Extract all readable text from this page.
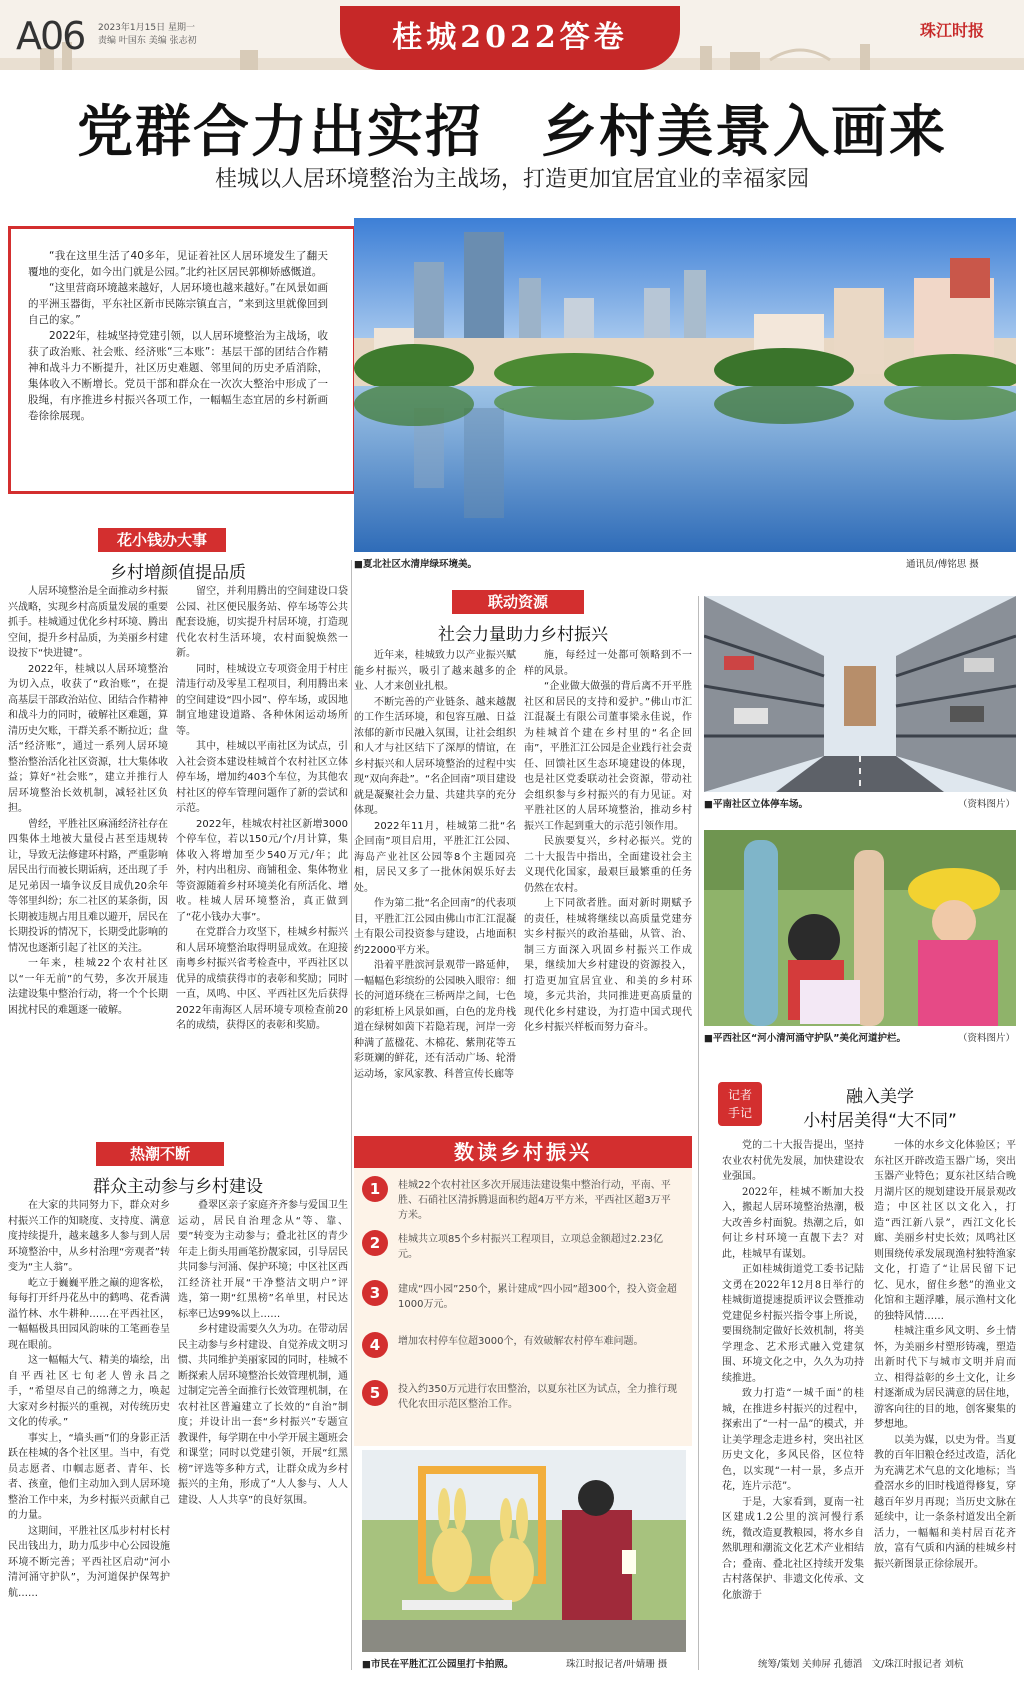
A06 2023年1月15日 星期一
责编 叶国东 美编 张志初	桂城2022答卷	珠江时报
党群合力出实招　乡村美景入画来
桂城以人居环境整治为主战场，打造更加宜居宜业的幸福家园

“我在这里生活了40多年，见证着社区人居环境发生了翻天覆地的变化，如今出门就是公园。”北约社区居民郭柳娇感慨道。

“这里营商环境越来越好，人居环境也越来越好。”在风景如画的平洲玉器街，平东社区新市民陈宗镇直言，“来到这里就像回到自己的家。”

2022年，桂城坚持党建引领，以人居环境整治为主战场，收获了政治账、社会账、经济账“三本账”：基层干部的团结合作精神和战斗力不断提升，社区历史难题、邻里间的历史矛盾消除，集体收入不断增长。党员干部和群众在一次次大整治中形成了一股绳，有序推进乡村振兴各项工作，一幅幅生态宜居的乡村新画卷徐徐展现。

■夏北社区水清岸绿环境美。	通讯员/傅铭思 摄
花小钱办大事
乡村增颜值提品质

人居环境整治是全面推动乡村振兴战略，实现乡村高质量发展的重要抓手。桂城通过优化乡村环境、腾出空间，提升乡村品质，为美丽乡村建设按下“快进键”。

2022年，桂城以人居环境整治为切入点，收获了“政治账”，在提高基层干部政治站位、团结合作精神和战斗力的同时，破解社区难题，算清历史欠账，干群关系不断拉近；盘活“经济账”，通过一系列人居环境整治整治活化社区资源，壮大集体收益；算好“社会账”，建立并推行人居环境整治长效机制，减轻社区负担。

曾经，平胜社区麻涌经济社存在四集体土地被大量侵占甚至违规转让，导致无法修建环村路，严重影响居民出行而被长期诟病，还出现了手足兄弟因一墙争议反目成仇20余年等邻里纠纷；东二社区的某条街，因长期被违规占用且难以避开，居民在长期投诉的情况下，长期受此影响的情况也逐渐引起了社区的关注。

一年来，桂城22个农村社区以“一年无前”的气势，多次开展违法建设集中整治行动，将一个个长期困扰村民的难题逐一破解。

留空，并利用腾出的空间建设口袋公园、社区便民服务站、停车场等公共配套设施，切实提升村居环境，打造现代化农村生活环境，农村面貌焕然一新。

同时，桂城设立专项资金用于村庄清违行动及零星工程项目，利用腾出来的空间建设“四小园”、停车场，或因地制宜地建设道路、各种休闲运动场所等。

其中，桂城以平南社区为试点，引入社会资本建设桂城首个农村社区立体停车场，增加约403个车位，为其他农村社区的停车管理问题作了新的尝试和示范。

2022年，桂城农村社区新增3000个停车位，若以150元/个/月计算，集体收入将增加至少540万元/年；此外，村内出租房、商铺租金、集体物业等资源随着乡村环境美化有所活化、增收。桂城人居环境整治，真正做到了“花小钱办大事”。

在党群合力攻坚下，桂城乡村振兴和人居环境整治取得明显成效。在迎接南粤乡村振兴省考检查中，平西社区以优异的成绩获得市的表彰和奖励；同时一直，凤鸣、中区、平西社区先后获得2022年南海区人居环境专项检查前20名的成绩，获得区的表彰和奖励。

联动资源
社会力量助力乡村振兴

近年来，桂城致力以产业振兴赋能乡村振兴，吸引了越来越多的企业、人才来创业扎根。

不断完善的产业链条、越来越靓的工作生活环境，和包容互融、日益浓郁的新市民融入氛围，让社会组织和人才与社区结下了深厚的情谊，在乡村振兴和人居环境整治的过程中实现“双向奔赴”。“名企回南”项目建设就是凝聚社会力量、共建共享的充分体现。

2022年11月，桂城第二批“名企回南”项目启用，平胜汇江公园、海岛产业社区公园等8个主题园亮相，居民又多了一批休闲娱乐好去处。

作为第二批“名企回南”的代表项目，平胜汇江公园由佛山市汇江混凝土有限公司投资参与建设，占地面积约22000平方米。

沿着平胜滨河景观带一路延伸，一幅幅色彩缤纷的公园映入眼帘：细长的河道环绕在三桥两岸之间，七色的彩虹桥上风景如画，白色的龙舟栈道在绿树如茵下若隐若现，河岸一旁种满了蓝楹花、木棉花、紫荆花等五彩斑斓的鲜花，还有活动广场、轮滑运动场，家风家教、科普宣传长廊等

施，每经过一处都可领略到不一样的风景。

“企业做大做强的背后离不开平胜社区和居民的支持和爱护。”佛山市汇江混凝土有限公司董事梁永佳说，作为桂城首个建在乡村里的“名企回南”，平胜汇江公园是企业践行社会责任、回馈社区生态环境建设的体现，也是社区党委联动社会资源，带动社会组织参与乡村振兴的有力见证。对平胜社区的人居环境整治，推动乡村振兴工作起到重大的示范引领作用。

民族要复兴，乡村必振兴。党的二十大报告中指出，全面建设社会主义现代化国家，最艰巨最繁重的任务仍然在农村。

上下同欲者胜。面对新时期赋予的责任，桂城将继续以高质量党建夯实乡村振兴的政治基础，从管、治、制三方面深入巩固乡村振兴工作成果，继续加大乡村建设的资源投入，打造更加宜居宜业、和美的乡村环境，多元共治，共同推进更高质量的现代化乡村建设，为打造中国式现代化乡村振兴样板而努力奋斗。

■平南社区立体停车场。	（资料图片）
■平西社区“河小清河涌守护队”美化河道护栏。	（资料图片）
热潮不断
群众主动参与乡村建设

在大家的共同努力下，群众对乡村振兴工作的知晓度、支持度、满意度持续提升，越来越多人参与到人居环境整治中，从乡村治理“旁观者”转变为“主人翁”。

屹立于巍巍平胜之巅的迎客松，每每打开纤丹花丛中的鹤鸣、花香满溢竹林、水牛耕种……在平西社区，一幅幅极具田园风韵味的工笔画卷呈现在眼前。

这一幅幅大气、精美的墙绘，出自平西社区七旬老人曾永昌之手，“希望尽自己的绵薄之力，唤起大家对乡村振兴的重视，对传统历史文化的传承。”

事实上，“墙头画”们的身影正活跃在桂城的各个社区里。当中，有党员志愿者、巾帼志愿者、青年、长者、孩童，他们主动加入到人居环境整治工作中来，为乡村振兴贡献自己的力量。

这期间，平胜社区瓜步村村长村民出钱出力，助力瓜步中心公园设施环境不断完善；平西社区启动“河小清河涌守护队”，为河道保护保驾护航……

叠翠区亲子家庭齐齐参与爱国卫生运动，居民自治理念从“等、靠、要”转变为主动参与；叠北社区的青少年走上街头用画笔扮靓家园，引导居民共同参与河涌、保护环境；中区社区西江经济社开展“干净整洁文明户”评选，第一期“红黑榜”名单里，村民达标率已达99%以上……

乡村建设需要久久为功。在带动居民主动参与乡村建设、自觉养成文明习惯、共同维护美丽家园的同时，桂城不断探索人居环境整治长效管理机制，通过制定完善全面推行长效管理机制，在农村社区普遍建立了长效的“自治”制度；并设计出一套“乡村振兴”专题宣教课件，每学期在中小学开展主题班会和课堂；同时以党建引领，开展“红黑榜”评选等多种方式，让群众成为乡村振兴的主角，形成了“人人参与、人人建设、人人共享”的良好氛围。

数读乡村振兴
1	桂城22个农村社区多次开展违法建设集中整治行动，平南、平胜、石硝社区清拆腾退面积约超4万平方米，平西社区超3万平方米。
2	桂城共立项85个乡村振兴工程项目，立项总金额超过2.23亿元。
3	建成“四小园”250个，累计建成“四小园”超300个，投入资金超1000万元。
4	增加农村停车位超3000个，有效破解农村停车难问题。
5	投入约350万元进行农田整治，以夏东社区为试点，全力推行现代化农田示范区整治工作。
■市民在平胜汇江公园里打卡拍照。	珠江时报记者/叶婧珊 摄
记者
手记
融入美学
小村居美得“大不同”

党的二十大报告提出，坚持农业农村优先发展，加快建设农业强国。

2022年，桂城不断加大投入，搬起人居环境整治热潮，极大改善乡村面貌。热潮之后，如何让乡村环境一直靓下去？对此，桂城早有谋划。

正如桂城街道党工委书记陆文勇在2022年12月8日举行的桂城街道提速提质评议会暨推动党建促乡村振兴指令事上所说，要围绕制定做好长效机制，将美学理念、艺术形式融入党建氛围、环境文化之中，久久为功持续推进。

致力打造“一城千面”的桂城，在推进乡村振兴的过程中，探索出了“一村一品”的模式，并让美学理念走进乡村，突出社区历史文化，多风民俗，区位特色，以实现“一村一景，多点开花，连片示范”。

于是，大家看到，夏南一社区建成1.2公里的滨河慢行系统，微改造夏教粮园，将水乡自然肌理和潮流文化艺术产业相结合；叠南、叠北社区持续开发集古村落保护、非遗文化传承、文化旅游于

一体的水乡文化体验区；平东社区开辟改造玉器广场，突出玉器产业特色；夏东社区结合晚月湖片区的规划建设开展景观改造；中区社区以文化入，打造“西江新八景”，西江文化长廊、美丽乡村史长效；凤鸣社区则围绕传承发展现渔村独特渔家文化，打造了“让居民留下记忆、见水，留住乡愁”的渔业文化馆和主题浮雕，展示渔村文化的独特风情……

桂城注重乡风文明、乡土情怀，为美丽乡村塑形铸魂，塑造出新时代下与城市文明并肩而立、相得益彰的乡土文化，让乡村逐渐成为居民满意的居住地，游客向往的目的地，创客聚集的梦想地。

以美为媒，以史为骨。当夏教的百年旧粮仓经过改造，活化为充满艺术气息的文化地标；当叠滘水乡的旧时栈道得修复，穿越百年岁月再现；当历史文脉在延续中，让一条条村道发出全新活力，一幅幅和美村居百花齐放，富有气质和内涵的桂城乡村振兴新图景正徐徐展开。

统筹/策划 关帅屏 孔德滔　文/珠江时报记者 刘杭
